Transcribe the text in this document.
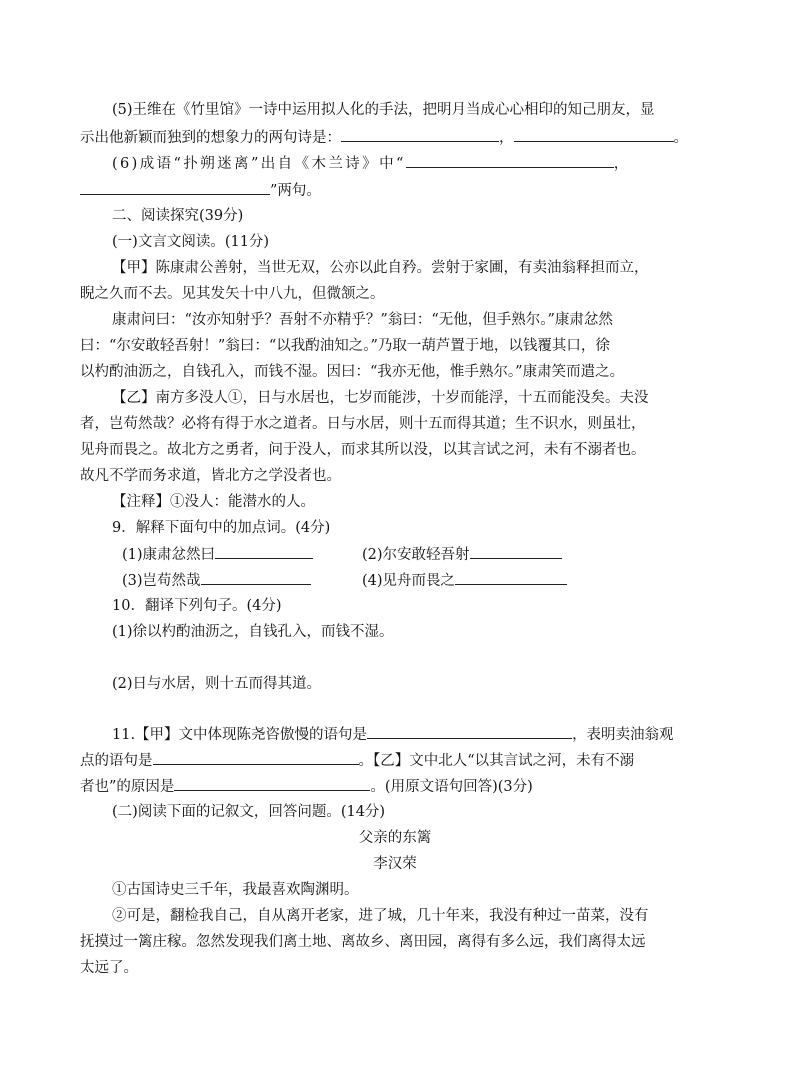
(5)王维在《竹里馆》一诗中运用拟人化的手法，把明月当成心心相印的知己朋友，显
示出他新颖而独到的想象力的两句诗是：	，	。
(6)成语“扑朔迷离”出自《木兰诗》中“	，
”两句。
二、阅读探究(39分)
(一)文言文阅读。(11分)
【甲】陈康肃公善射，当世无双，公亦以此自矜。尝射于家圃，有卖油翁释担而立，
睨之久而不去。见其发矢十中八九，但微颔之。
康肃问曰：“汝亦知射乎？吾射不亦精乎？”翁曰：“无他，但手熟尔。”康肃忿然
曰：“尔安敢轻吾射！”翁曰：“以我酌油知之。”乃取一葫芦置于地，以钱覆其口，徐
以杓酌油沥之，自钱孔入，而钱不湿。因曰：“我亦无他，惟手熟尔。”康肃笑而遣之。
【乙】南方多没人①，日与水居也，七岁而能涉，十岁而能浮，十五而能没矣。夫没
者，岂苟然哉？必将有得于水之道者。日与水居，则十五而得其道；生不识水，则虽壮，
见舟而畏之。故北方之勇者，问于没人，而求其所以没，以其言试之河，未有不溺者也。
故凡不学而务求道，皆北方之学没者也。
【注释】①没人：能潜水的人。
9．解释下面句中的加点词。(4分)
(1)康肃忿然曰	(2)尔安敢轻吾射
(3)岂苟然哉	(4)见舟而畏之
10．翻译下列句子。(4分)
(1)徐以杓酌油沥之，自钱孔入，而钱不湿。
(2)日与水居，则十五而得其道。
11.【甲】文中体现陈尧咨傲慢的语句是	，表明卖油翁观
点的语句是	。【乙】文中北人“以其言试之河，未有不溺
者也”的原因是	。(用原文语句回答)(3分)
(二)阅读下面的记叙文，回答问题。(14分)
父亲的东篱
李汉荣
①古国诗史三千年，我最喜欢陶渊明。
②可是，翻检我自己，自从离开老家，进了城，几十年来，我没有种过一苗菜，没有
抚摸过一篱庄稼。忽然发现我们离土地、离故乡、离田园，离得有多么远，我们离得太远
太远了。
